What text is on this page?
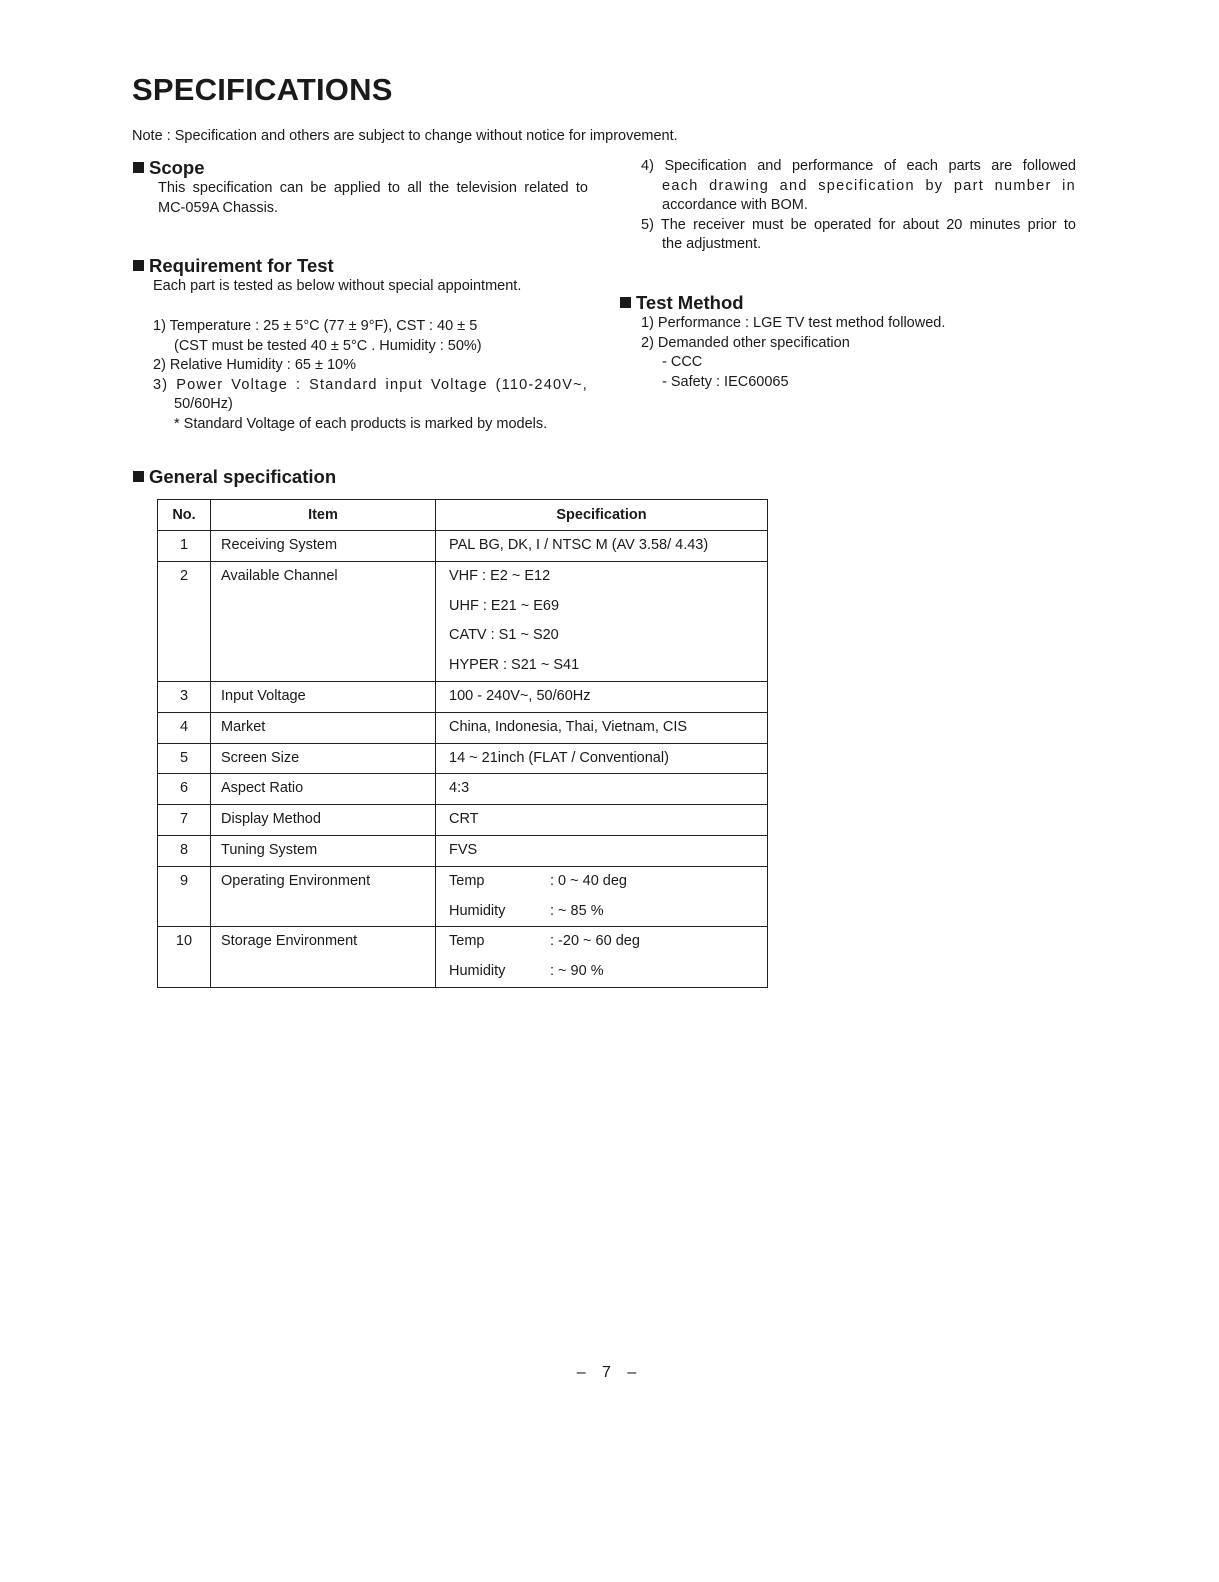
SPECIFICATIONS
Note : Specification and others are subject to change without notice for improvement.
Scope
This specification can be applied to all the television related to
MC-059A Chassis.
Requirement for Test
Each part is tested as below without special appointment.
1) Temperature : 25 ± 5°C (77 ± 9°F), CST : 40 ± 5
(CST must be tested 40 ± 5°C . Humidity : 50%)
2) Relative Humidity : 65 ± 10%
3) Power Voltage : Standard input Voltage (110-240V~,
50/60Hz)
* Standard Voltage of each products is marked by models.
4) Specification and performance of each parts are followed
each drawing and specification by part number in
accordance with BOM.
5) The receiver must be operated for about 20 minutes prior to
the adjustment.
Test Method
1) Performance : LGE TV test method followed.
2) Demanded other specification
- CCC
- Safety : IEC60065
General specification
No.	Item	Specification

1	Receiving System	PAL BG, DK, I / NTSC M (AV 3.58/ 4.43)

2	Available Channel	VHF : E2 ~ E12
UHF : E21 ~ E69
CATV : S1 ~ S20
HYPER : S21 ~ S41

3	Input Voltage	100 - 240V~, 50/60Hz

4	Market	China, Indonesia, Thai, Vietnam, CIS

5	Screen Size	14 ~ 21inch (FLAT / Conventional)

6	Aspect Ratio	4:3

7	Display Method	CRT

8	Tuning System	FVS

9	Operating Environment	Temp : 0 ~ 40 deg
Humidity : ~ 85 %

10	Storage Environment	Temp : -20 ~ 60 deg
Humidity : ~ 90 %
– 7 –
